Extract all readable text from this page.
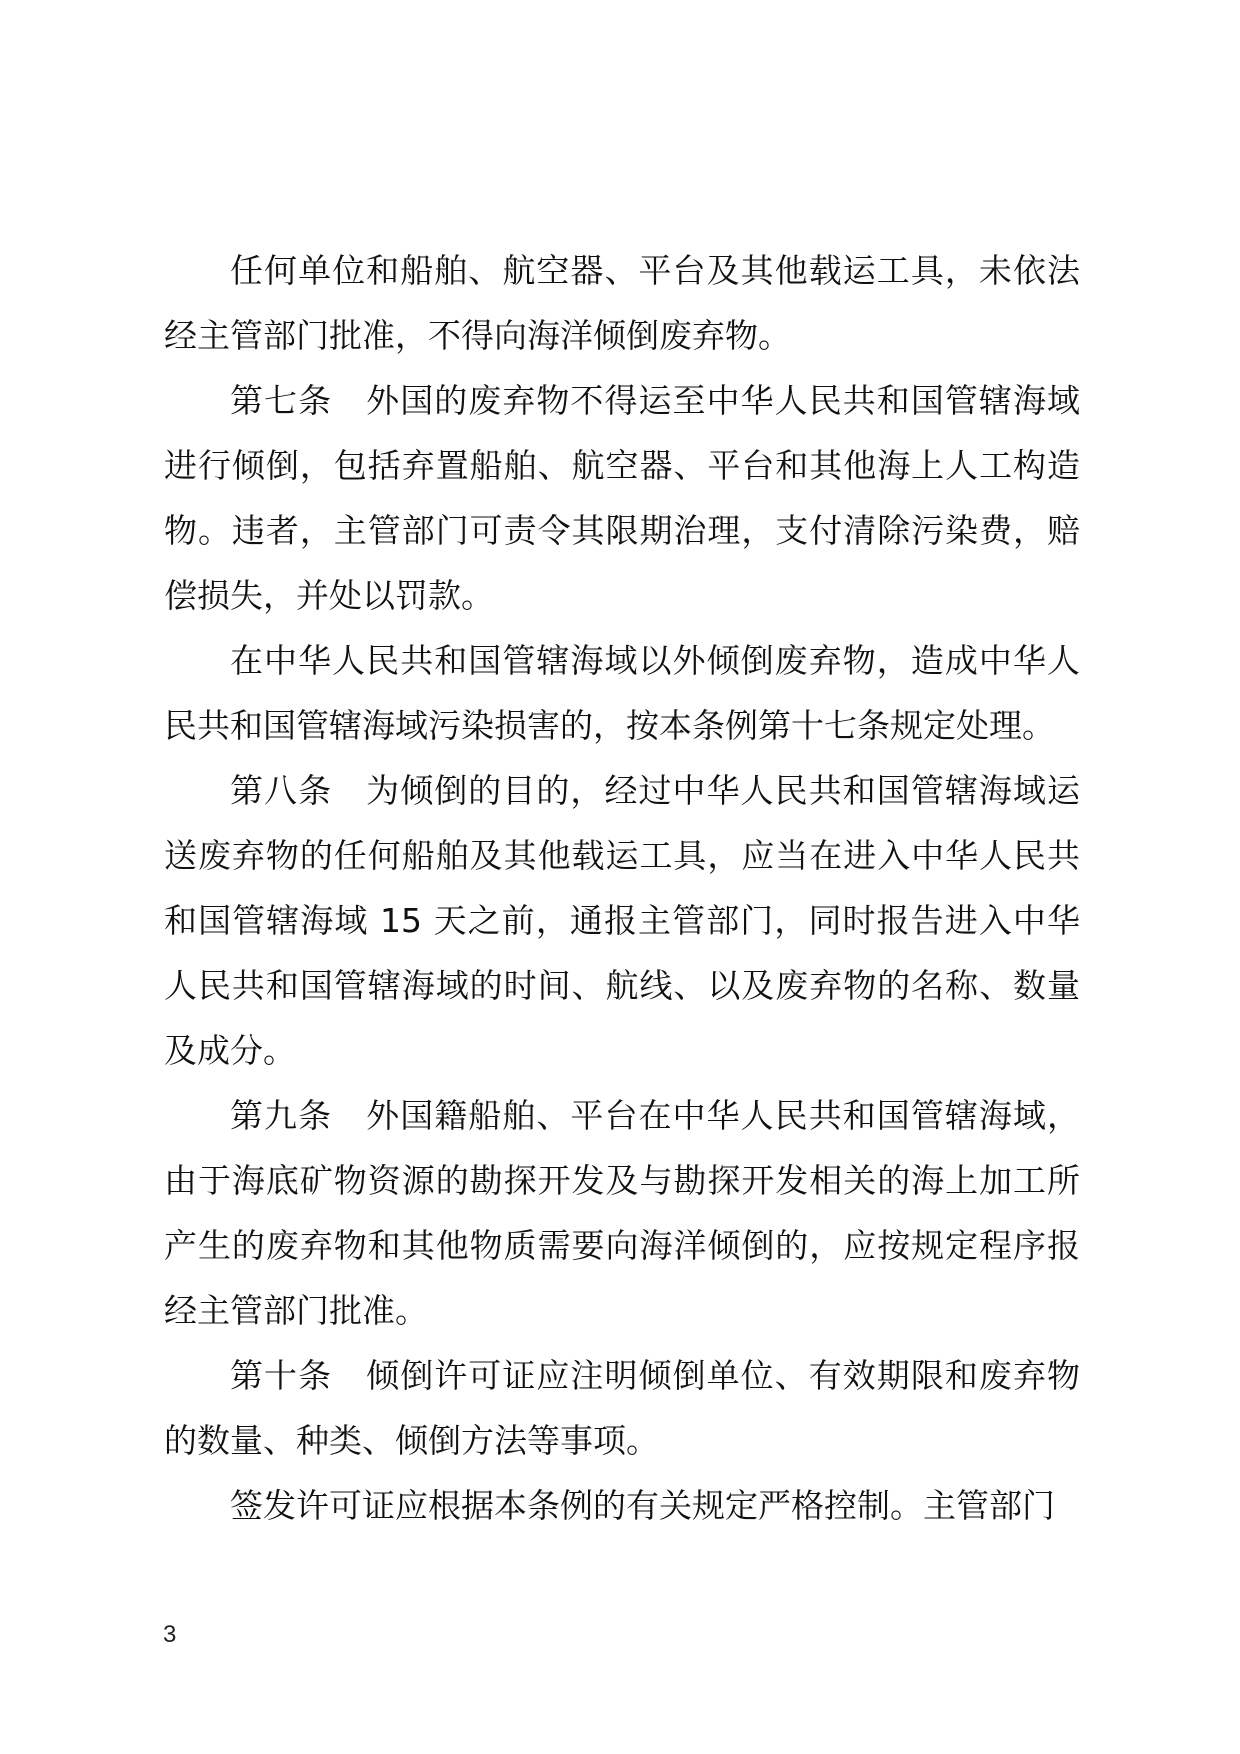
任何单位和船舶、航空器、平台及其他载运工具，未依法经主管部门批准，不得向海洋倾倒废弃物。

第七条　外国的废弃物不得运至中华人民共和国管辖海域进行倾倒，包括弃置船舶、航空器、平台和其他海上人工构造物。违者，主管部门可责令其限期治理，支付清除污染费，赔偿损失，并处以罚款。

在中华人民共和国管辖海域以外倾倒废弃物，造成中华人民共和国管辖海域污染损害的，按本条例第十七条规定处理。

第八条　为倾倒的目的，经过中华人民共和国管辖海域运送废弃物的任何船舶及其他载运工具，应当在进入中华人民共和国管辖海域 15 天之前，通报主管部门，同时报告进入中华人民共和国管辖海域的时间、航线、以及废弃物的名称、数量及成分。

第九条　外国籍船舶、平台在中华人民共和国管辖海域，由于海底矿物资源的勘探开发及与勘探开发相关的海上加工所产生的废弃物和其他物质需要向海洋倾倒的，应按规定程序报经主管部门批准。

第十条　倾倒许可证应注明倾倒单位、有效期限和废弃物的数量、种类、倾倒方法等事项。

签发许可证应根据本条例的有关规定严格控制。主管部门

3
